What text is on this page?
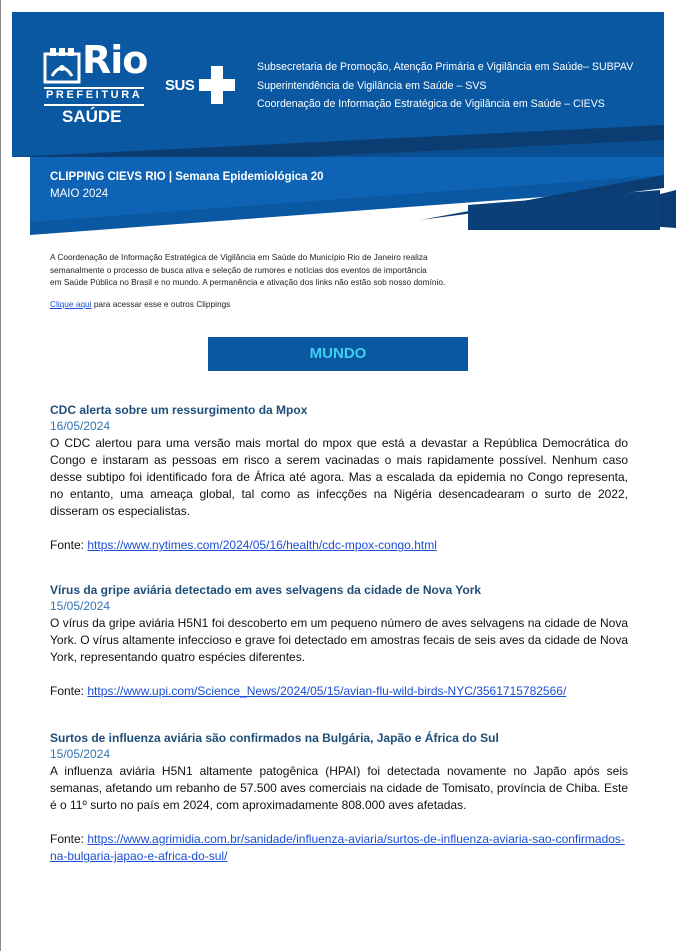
Rio
PREFEITURA
SAÚDE
SUS
Subsecretaria de Promoção, Atenção Primária e Vigilância em Saúde– SUBPAV
Superintendência de Vigilância em Saúde – SVS
Coordenação de Informação Estratégica de Vigilância em Saúde – CIEVS
CLIPPING CIEVS RIO | Semana Epidemiológica 20
MAIO 2024
A Coordenação de Informação Estratégica de Vigilância em Saúde do Município Rio de Janeiro realiza
semanalmente o processo de busca ativa e seleção de rumores e notícias dos eventos de importância
em Saúde Pública no Brasil e no mundo. A permanência e ativação dos links não estão sob nosso domínio.
Clique aqui para acessar esse e outros Clippings
MUNDO
CDC alerta sobre um ressurgimento da Mpox
16/05/2024
O CDC alertou para uma versão mais mortal do mpox que está a devastar a República Democrática do Congo e instaram as pessoas em risco a serem vacinadas o mais rapidamente possível. Nenhum caso desse subtipo foi identificado fora de África até agora. Mas a escalada da epidemia no Congo representa, no entanto, uma ameaça global, tal como as infecções na Nigéria desencadearam o surto de 2022, disseram os especialistas.
Fonte: https://www.nytimes.com/2024/05/16/health/cdc-mpox-congo.html
Vírus da gripe aviária detectado em aves selvagens da cidade de Nova York
15/05/2024
O vírus da gripe aviária H5N1 foi descoberto em um pequeno número de aves selvagens na cidade de Nova York. O vírus altamente infeccioso e grave foi detectado em amostras fecais de seis aves da cidade de Nova York, representando quatro espécies diferentes.
Fonte: https://www.upi.com/Science_News/2024/05/15/avian-flu-wild-birds-NYC/3561715782566/
Surtos de influenza aviária são confirmados na Bulgária, Japão e África do Sul
15/05/2024
A influenza aviária H5N1 altamente patogênica (HPAI) foi detectada novamente no Japão após seis semanas, afetando um rebanho de 57.500 aves comerciais na cidade de Tomisato, província de Chiba. Este é o 11º surto no país em 2024, com aproximadamente 808.000 aves afetadas.
Fonte: https://www.agrimidia.com.br/sanidade/influenza-aviaria/surtos-de-influenza-aviaria-sao-confirmados-na-bulgaria-japao-e-africa-do-sul/
